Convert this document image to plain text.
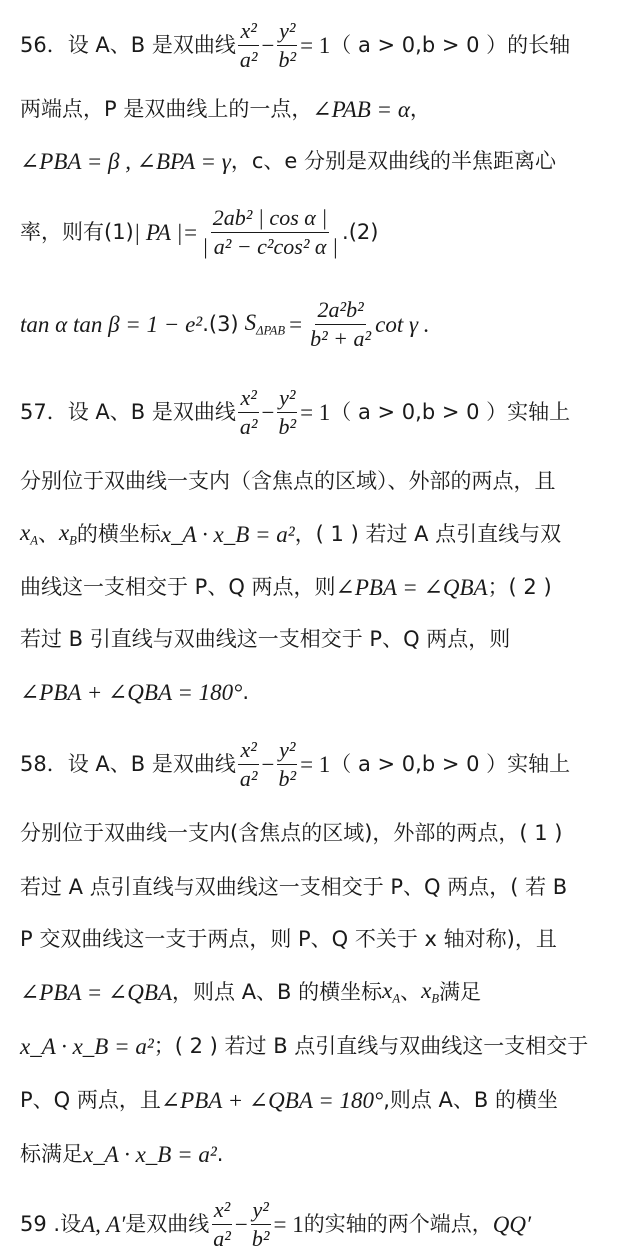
56．设 A、B 是双曲线 $\frac{\text{x²}}{\text{a²}} - \frac{\text{y²}}{\text{b²}} = 1$ （ a > 0,b > 0 ）的长轴
两端点，P 是双曲线上的一点， ∠PAB = α ，
∠PBA = β , ∠BPA = γ ，c、e 分别是双曲线的半焦距离心
率，则有(1) | PA |= $\frac{\text{2ab² | cos α |}}{\text{| a² − c²cos² α |}} .(2)$
tan α tan β = 1 − e² .(3) $S_{\Delta PAB} = \frac{\text{2a²b²}}{\text{b² + a²}}$ cot γ .
57．设 A、B 是双曲线 $\frac{\text{x²}}{\text{a²}} - \frac{\text{y²}}{\text{b²}} = 1$ （ a > 0,b > 0 ）实轴上
分别位于双曲线一支内（含焦点的区域）、外部的两点，且
$x_A$ 、 $x_B$ 的横坐标 x_A · x_B = a² ，( 1 ) 若过 A 点引直线与双
曲线这一支相交于 P、Q 两点，则 ∠PBA = ∠QBA ；( 2 )
若过 B 引直线与双曲线这一支相交于 P、Q 两点，则
∠PBA + ∠QBA = 180° .
58．设 A、B 是双曲线 $\frac{\text{x²}}{\text{a²}} - \frac{\text{y²}}{\text{b²}} = 1$ （ a > 0,b > 0 ）实轴上
分别位于双曲线一支内(含焦点的区域)，外部的两点，( 1 )
若过 A 点引直线与双曲线这一支相交于 P、Q 两点，( 若 B
P 交双曲线这一支于两点，则 P、Q 不关于 x 轴对称)，且
∠PBA = ∠QBA ，则点 A、B 的横坐标 $x_A$ 、 $x_B$ 满足
x_A · x_B = a² ；( 2 ) 若过 B 点引直线与双曲线这一支相交于
P、Q 两点，且 ∠PBA + ∠QBA = 180° ,则点 A、B 的横坐
标满足 x_A · x_B = a² .
59 .设 A, A′ 是双曲线 $\frac{\text{x²}}{\text{a²}} - \frac{\text{y²}}{\text{b²}} = 1$ 的实轴的两个端点， QQ′
